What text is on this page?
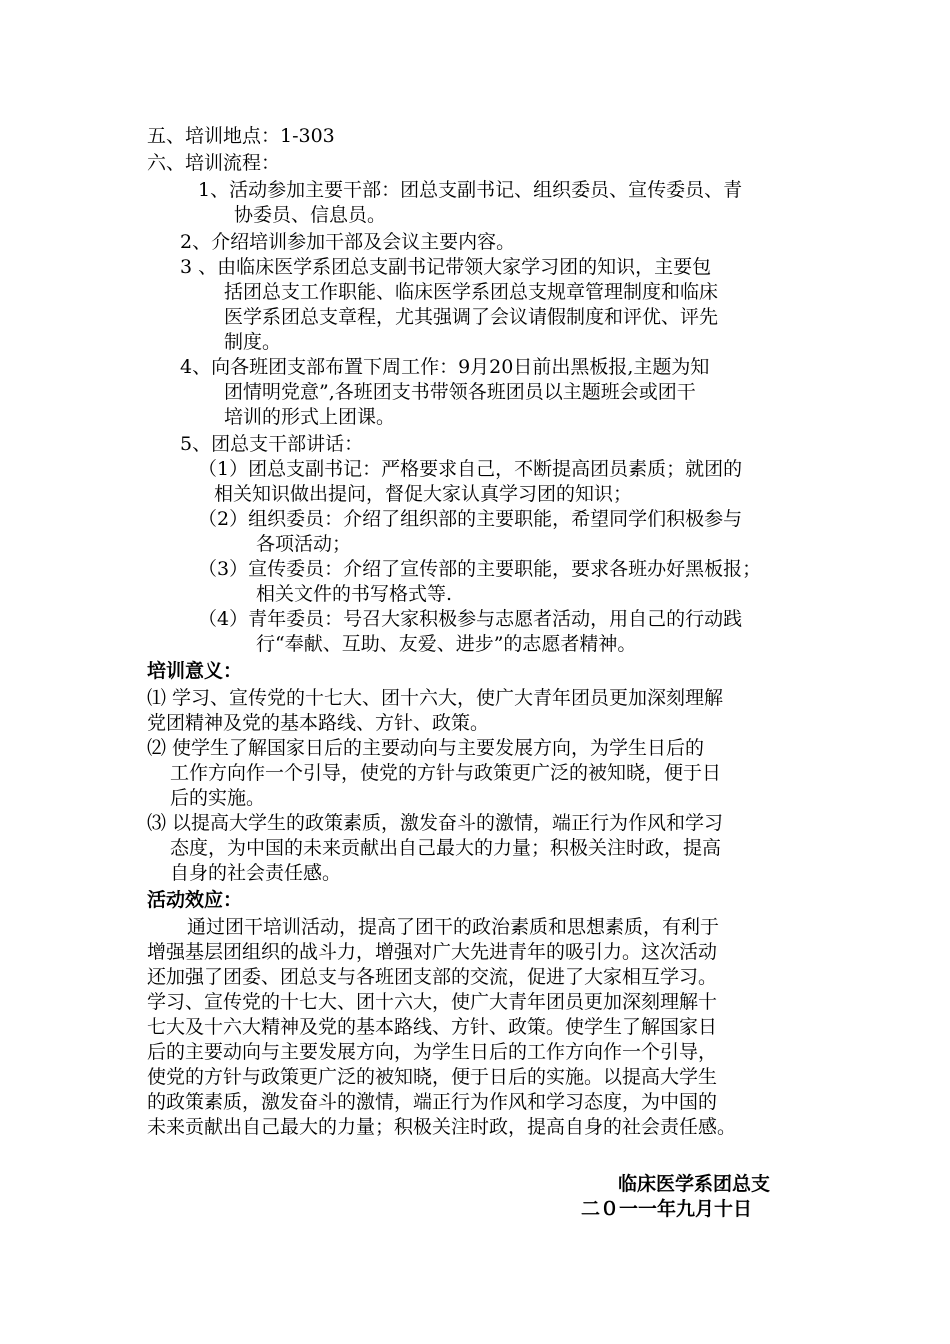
五、培训地点：1-303
六、培训流程：
1、活动参加主要干部：团总支副书记、组织委员、宣传委员、青
协委员、信息员。
2、介绍培训参加干部及会议主要内容。
3 、由临床医学系团总支副书记带领大家学习团的知识，主要包
括团总支工作职能、临床医学系团总支规章管理制度和临床
医学系团总支章程，尤其强调了会议请假制度和评优、评先
制度。
4、向各班团支部布置下周工作：9月20日前出黑板报,主题为知
团情明党意”,各班团支书带领各班团员以主题班会或团干
培训的形式上团课。
5、团总支干部讲话：
（1）团总支副书记：严格要求自己，不断提高团员素质；就团的
相关知识做出提问，督促大家认真学习团的知识；
（2）组织委员：介绍了组织部的主要职能，希望同学们积极参与
各项活动；
（3）宣传委员：介绍了宣传部的主要职能，要求各班办好黑板报；
相关文件的书写格式等.
（4）青年委员：号召大家积极参与志愿者活动，用自己的行动践
行“奉献、互助、友爱、进步”的志愿者精神。
培训意义：
⑴ 学习、宣传党的十七大、团十六大，使广大青年团员更加深刻理解
党团精神及党的基本路线、方针、政策。
⑵ 使学生了解国家日后的主要动向与主要发展方向，为学生日后的
工作方向作一个引导，使党的方针与政策更广泛的被知晓，便于日
后的实施。
⑶ 以提高大学生的政策素质，激发奋斗的激情，端正行为作风和学习
态度，为中国的未来贡献出自己最大的力量；积极关注时政，提高
自身的社会责任感。
活动效应：
通过团干培训活动，提高了团干的政治素质和思想素质，有利于
增强基层团组织的战斗力，增强对广大先进青年的吸引力。这次活动
还加强了团委、团总支与各班团支部的交流，促进了大家相互学习。
学习、宣传党的十七大、团十六大，使广大青年团员更加深刻理解十
七大及十六大精神及党的基本路线、方针、政策。使学生了解国家日
后的主要动向与主要发展方向，为学生日后的工作方向作一个引导，
使党的方针与政策更广泛的被知晓，便于日后的实施。以提高大学生
的政策素质，激发奋斗的激情，端正行为作风和学习态度，为中国的
未来贡献出自己最大的力量；积极关注时政，提高自身的社会责任感。
临床医学系团总支
二０一一年九月十日
